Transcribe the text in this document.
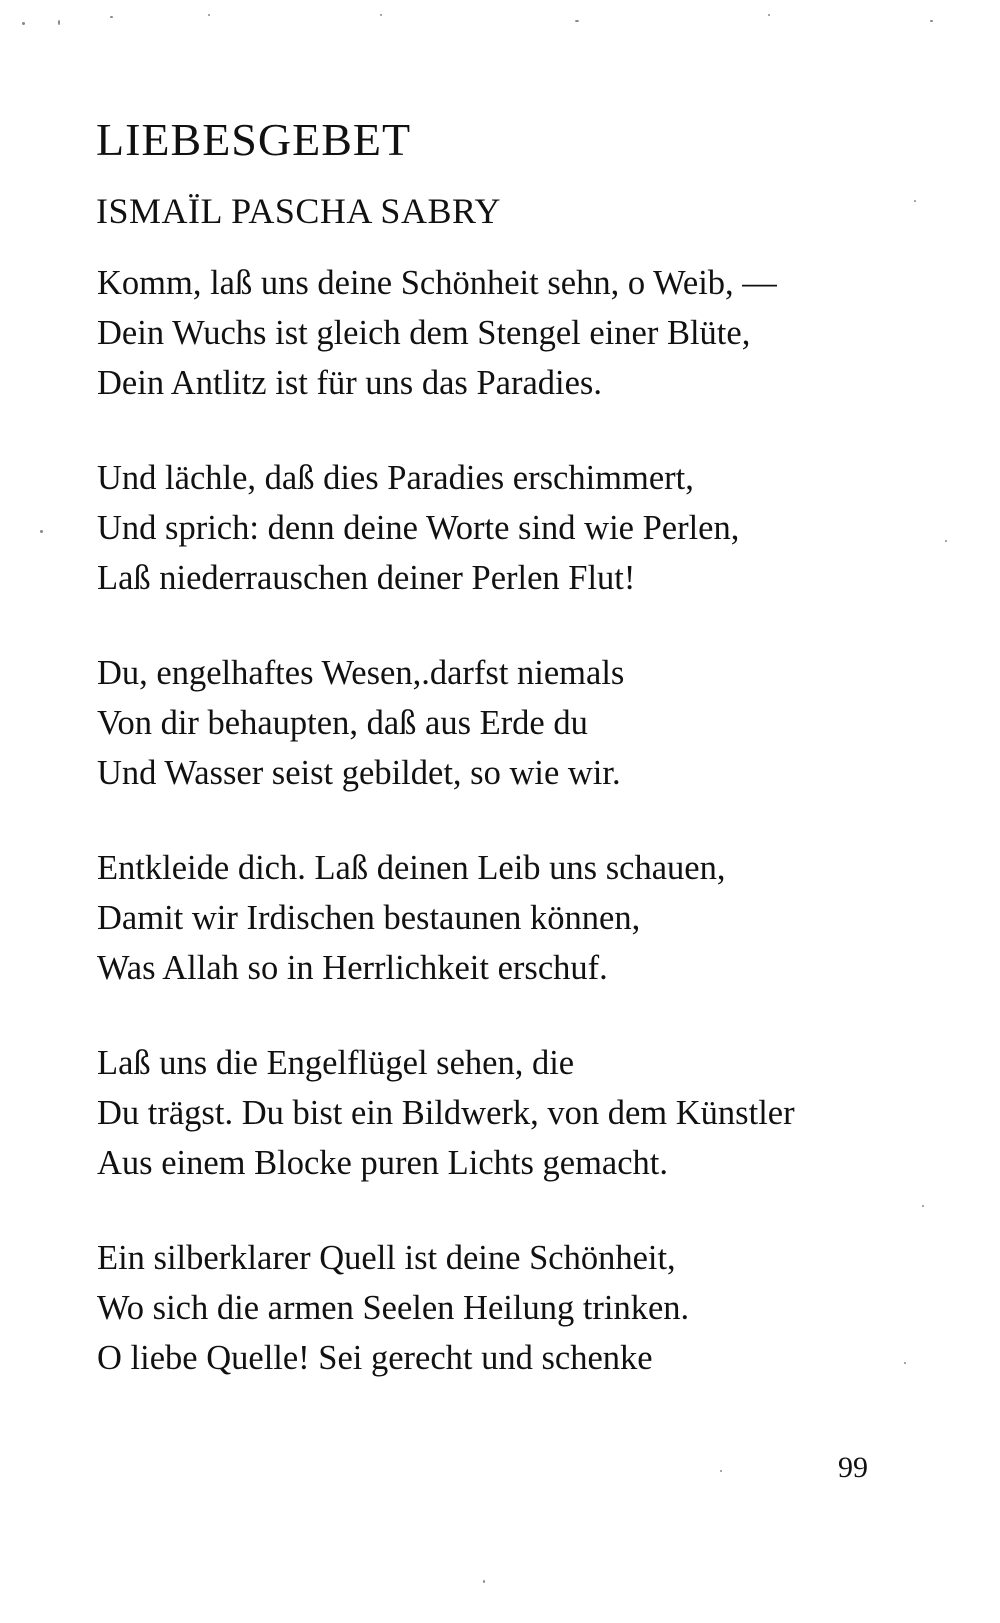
LIEBESGEBET
ISMAÏL PASCHA SABRY
Komm, laß uns deine Schönheit sehn, o Weib, —
Dein Wuchs ist gleich dem Stengel einer Blüte,
Dein Antlitz ist für uns das Paradies.
Und lächle, daß dies Paradies erschimmert,
Und sprich: denn deine Worte sind wie Perlen,
Laß niederrauschen deiner Perlen Flut!
Du, engelhaftes Wesen,.darfst niemals
Von dir behaupten, daß aus Erde du
Und Wasser seist gebildet, so wie wir.
Entkleide dich. Laß deinen Leib uns schauen,
Damit wir Irdischen bestaunen können,
Was Allah so in Herrlichkeit erschuf.
Laß uns die Engelflügel sehen, die
Du trägst. Du bist ein Bildwerk, von dem Künstler
Aus einem Blocke puren Lichts gemacht.
Ein silberklarer Quell ist deine Schönheit,
Wo sich die armen Seelen Heilung trinken.
O liebe Quelle! Sei gerecht und schenke
99
